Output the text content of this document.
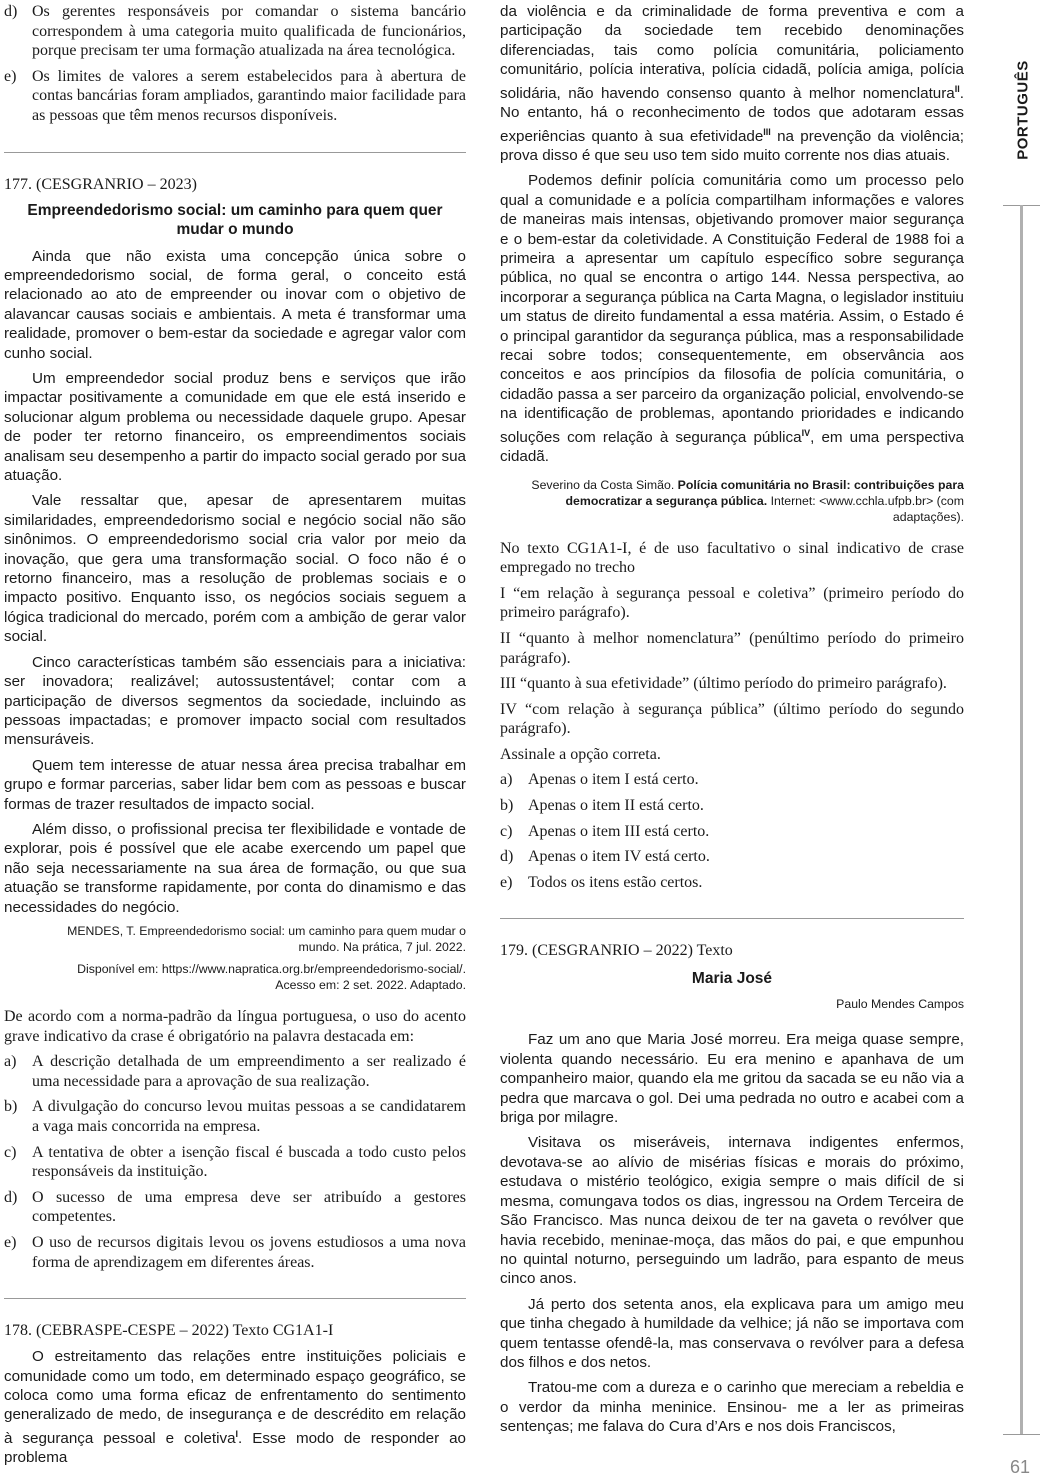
d) Os gerentes responsáveis por comandar o sistema bancário correspondem à uma categoria muito qualificada de funcionários, porque precisam ter uma formação atualizada na área tecnológica.
e) Os limites de valores a serem estabelecidos para à abertura de contas bancárias foram ampliados, garantindo maior facilidade para as pessoas que têm menos recursos disponíveis.
177. (CESGRANRIO – 2023)
Empreendedorismo social: um caminho para quem quer mudar o mundo

Ainda que não exista uma concepção única sobre o empreendedorismo social, de forma geral, o conceito está relacionado ao ato de empreender ou inovar com o objetivo de alavancar causas sociais e ambientais. A meta é transformar uma realidade, promover o bem-estar da sociedade e agregar valor com cunho social.

Um empreendedor social produz bens e serviços que irão impactar positivamente a comunidade em que ele está inserido e solucionar algum problema ou necessidade daquele grupo. Apesar de poder ter retorno financeiro, os empreendimentos sociais analisam seu desempenho a partir do impacto social gerado por sua atuação.

Vale ressaltar que, apesar de apresentarem muitas similaridades, empreendedorismo social e negócio social não são sinônimos. O empreendedorismo social cria valor por meio da inovação, que gera uma transformação social. O foco não é o retorno financeiro, mas a resolução de problemas sociais e o impacto positivo. Enquanto isso, os negócios sociais seguem a lógica tradicional do mercado, porém com a ambição de gerar valor social.

Cinco características também são essenciais para a iniciativa: ser inovadora; realizável; autossustentável; contar com a participação de diversos segmentos da sociedade, incluindo as pessoas impactadas; e promover impacto social com resultados mensuráveis.

Quem tem interesse de atuar nessa área precisa trabalhar em grupo e formar parcerias, saber lidar bem com as pessoas e buscar formas de trazer resultados de impacto social.

Além disso, o profissional precisa ter flexibilidade e vontade de explorar, pois é possível que ele acabe exercendo um papel que não seja necessariamente na sua área de formação, ou que sua atuação se transforme rapidamente, por conta do dinamismo e das necessidades do negócio.

MENDES, T. Empreendedorismo social: um caminho para quem mudar o mundo. Na prática, 7 jul. 2022.

Disponível em: https://www.napratica.org.br/empreendedorismo-social/. Acesso em: 2 set. 2022. Adaptado.

De acordo com a norma-padrão da língua portuguesa, o uso do acento grave indicativo da crase é obrigatório na palavra destacada em:

a) A descrição detalhada de um empreendimento a ser realizado é uma necessidade para a aprovação de sua realização.
b) A divulgação do concurso levou muitas pessoas a se candidatarem a vaga mais concorrida na empresa.
c) A tentativa de obter a isenção fiscal é buscada a todo custo pelos responsáveis da instituição.
d) O sucesso de uma empresa deve ser atribuído a gestores competentes.
e) O uso de recursos digitais levou os jovens estudiosos a uma nova forma de aprendizagem em diferentes áreas.
178. (CEBRASPE-CESPE – 2022) Texto CG1A1-I

O estreitamento das relações entre instituições policiais e comunidade como um todo, em determinado espaço geográfico, se coloca como uma forma eficaz de enfrentamento do sentimento generalizado de medo, de insegurança e de descrédito em relação à segurança pessoal e coletiva$^I$. Esse modo de responder ao problema

da violência e da criminalidade de forma preventiva e com a participação da sociedade tem recebido denominações diferenciadas, tais como polícia comunitária, policiamento comunitário, polícia interativa, polícia cidadã, polícia amiga, polícia solidária, não havendo consenso quanto à melhor nomenclatura$^{II}$. No entanto, há o reconhecimento de todos que adotaram essas experiências quanto à sua efetividade$^{III}$ na prevenção da violência; prova disso é que seu uso tem sido muito corrente nos dias atuais.

Podemos definir polícia comunitária como um processo pelo qual a comunidade e a polícia compartilham informações e valores de maneiras mais intensas, objetivando promover maior segurança e o bem-estar da coletividade. A Constituição Federal de 1988 foi a primeira a apresentar um capítulo específico sobre segurança pública, no qual se encontra o artigo 144. Nessa perspectiva, ao incorporar a segurança pública na Carta Magna, o legislador instituiu um status de direito fundamental a essa matéria. Assim, o Estado é o principal garantidor da segurança pública, mas a responsabilidade recai sobre todos; consequentemente, em observância aos conceitos e aos princípios da filosofia de polícia comunitária, o cidadão passa a ser parceiro da organização policial, envolvendo-se na identificação de problemas, apontando prioridades e indicando soluções com relação à segurança pública$^{IV}$, em uma perspectiva cidadã.

Severino da Costa Simão. Polícia comunitária no Brasil: contribuições para democratizar a segurança pública. Internet: <www.cchla.ufpb.br> (com adaptações).

No texto CG1A1-I, é de uso facultativo o sinal indicativo de crase empregado no trecho

I “em relação à segurança pessoal e coletiva” (primeiro período do primeiro parágrafo).

II “quanto à melhor nomenclatura” (penúltimo período do primeiro parágrafo).

III “quanto à sua efetividade” (último período do primeiro parágrafo).

IV “com relação à segurança pública” (último período do segundo parágrafo).

Assinale a opção correta.

a) Apenas o item I está certo.
b) Apenas o item II está certo.
c) Apenas o item III está certo.
d) Apenas o item IV está certo.
e) Todos os itens estão certos.
179. (CESGRANRIO – 2022) Texto
Maria José
Paulo Mendes Campos

Faz um ano que Maria José morreu. Era meiga quase sempre, violenta quando necessário. Eu era menino e apanhava de um companheiro maior, quando ela me gritou da sacada se eu não via a pedra que marcava o gol. Dei uma pedrada no outro e acabei com a briga por milagre.

Visitava os miseráveis, internava indigentes enfermos, devotava-se ao alívio de misérias físicas e morais do próximo, estudava o mistério teológico, exigia sempre o mais difícil de si mesma, comungava todos os dias, ingressou na Ordem Terceira de São Francisco. Mas nunca deixou de ter na gaveta o revólver que havia recebido, meninae-moça, das mãos do pai, e que empunhou no quintal noturno, perseguindo um ladrão, para espanto de meus cinco anos.

Já perto dos setenta anos, ela explicava para um amigo meu que tinha chegado à humildade da velhice; já não se importava com quem tentasse ofendê-la, mas conservava o revólver para a defesa dos filhos e dos netos.

Tratou-me com a dureza e o carinho que mereciam a rebeldia e o verdor da minha meninice. Ensinou- me a ler as primeiras sentenças; me falava do Cura d’Ars e nos dois Franciscos,

PORTUGUÊS
61
